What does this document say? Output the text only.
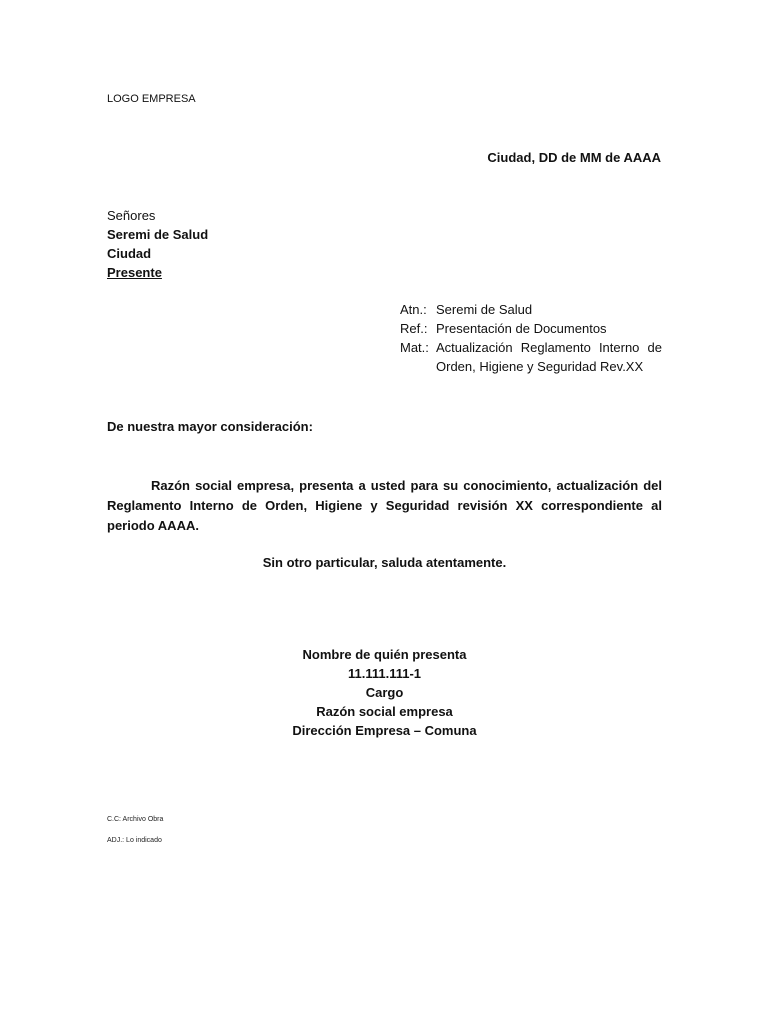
LOGO EMPRESA
Ciudad, DD de MM de AAAA
Señores
Seremi de Salud
Ciudad
Presente
Atn.: Seremi de Salud
Ref.: Presentación de Documentos
Mat.: Actualización Reglamento Interno de
Orden, Higiene y Seguridad Rev.XX
De nuestra mayor consideración:
Razón social empresa, presenta a usted para su conocimiento, actualización del
Reglamento Interno de Orden, Higiene y Seguridad revisión XX correspondiente al periodo AAAA.
Sin otro particular, saluda atentamente.
Nombre de quién presenta
11.111.111-1
Cargo
Razón social empresa
Dirección Empresa – Comuna
C.C: Archivo Obra
ADJ.: Lo indicado
